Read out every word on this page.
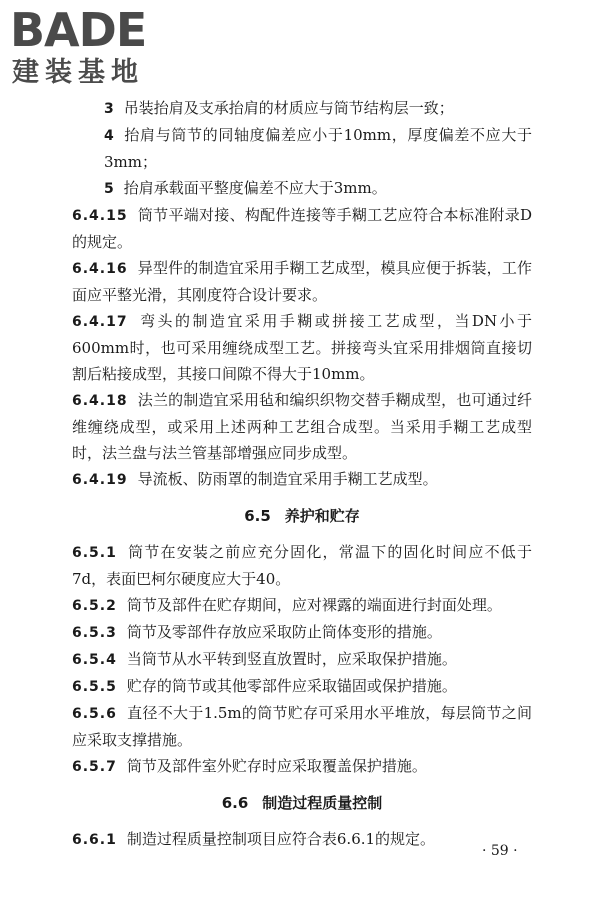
BADE
建装基地

3 吊装抬肩及支承抬肩的材质应与筒节结构层一致；

4 抬肩与筒节的同轴度偏差应小于10mm，厚度偏差不应大于3mm；

5 抬肩承载面平整度偏差不应大于3mm。

6.4.15 筒节平端对接、构配件连接等手糊工艺应符合本标准附录D的规定。

6.4.16 异型件的制造宜采用手糊工艺成型，模具应便于拆装，工作面应平整光滑，其刚度符合设计要求。

6.4.17 弯头的制造宜采用手糊或拼接工艺成型，当DN小于600mm时，也可采用缠绕成型工艺。拼接弯头宜采用排烟筒直接切割后粘接成型，其接口间隙不得大于10mm。

6.4.18 法兰的制造宜采用毡和编织织物交替手糊成型，也可通过纤维缠绕成型，或采用上述两种工艺组合成型。当采用手糊工艺成型时，法兰盘与法兰管基部增强应同步成型。

6.4.19 导流板、防雨罩的制造宜采用手糊工艺成型。

6.5 养护和贮存

6.5.1 筒节在安装之前应充分固化，常温下的固化时间应不低于7d，表面巴柯尔硬度应大于40。

6.5.2 筒节及部件在贮存期间，应对裸露的端面进行封面处理。

6.5.3 筒节及零部件存放应采取防止筒体变形的措施。

6.5.4 当筒节从水平转到竖直放置时，应采取保护措施。

6.5.5 贮存的筒节或其他零部件应采取锚固或保护措施。

6.5.6 直径不大于1.5m的筒节贮存可采用水平堆放，每层筒节之间应采取支撑措施。

6.5.7 筒节及部件室外贮存时应采取覆盖保护措施。

6.6 制造过程质量控制

6.6.1 制造过程质量控制项目应符合表6.6.1的规定。

· 59 ·
